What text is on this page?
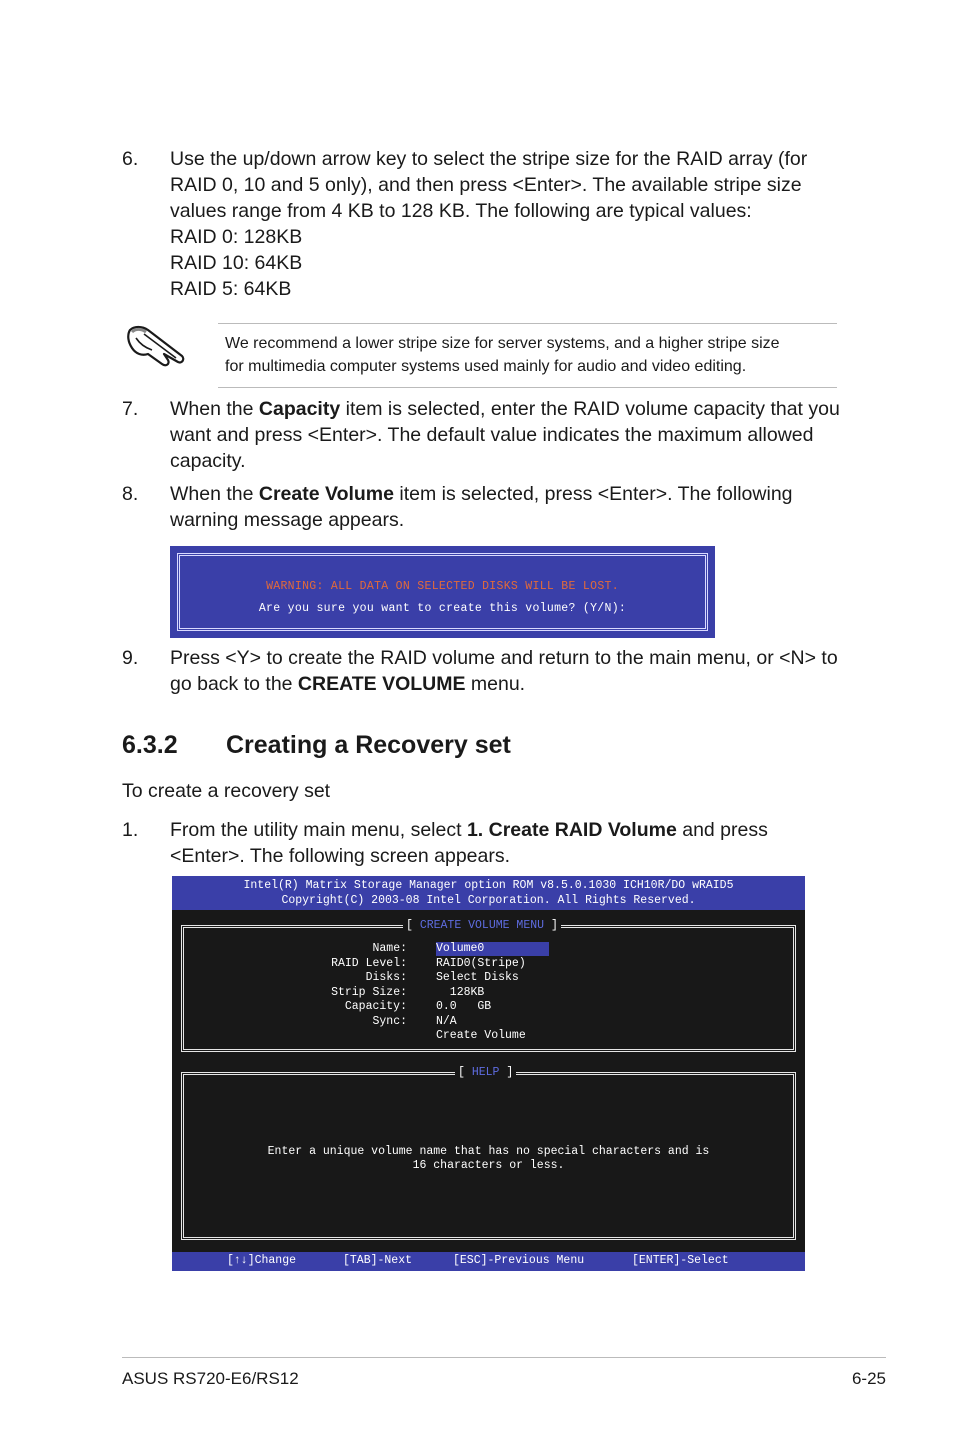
6. Use the up/down arrow key to select the stripe size for the RAID array (for
RAID 0, 10 and 5 only), and then press <Enter>. The available stripe size
values range from 4 KB to 128 KB. The following are typical values:
RAID 0: 128KB
RAID 10: 64KB
RAID 5: 64KB
We recommend a lower stripe size for server systems, and a higher stripe size
for multimedia computer systems used mainly for audio and video editing.
7. When the Capacity item is selected, enter the RAID volume capacity that you
want and press <Enter>. The default value indicates the maximum allowed
capacity.
8. When the Create Volume item is selected, press <Enter>. The following
warning message appears.
WARNING: ALL DATA ON SELECTED DISKS WILL BE LOST.
Are you sure you want to create this volume? (Y/N):
9. Press <Y> to create the RAID volume and return to the main menu, or <N> to
go back to the CREATE VOLUME menu.
6.3.2 Creating a Recovery set
To create a recovery set
1. From the utility main menu, select 1. Create RAID Volume and press
<Enter>. The following screen appears.
Intel(R) Matrix Storage Manager option ROM v8.5.0.1030 ICH10R/DO wRAID5
Copyright(C) 2003-08 Intel Corporation. All Rights Reserved.
[ CREATE VOLUME MENU ]
Name:	Volume0
RAID Level:	RAID0(Stripe)
Disks:	Select Disks
Strip Size:	128KB
Capacity:	0.0   GB
Sync:	N/A
Create Volume
[ HELP ]
Enter a unique volume name that has no special characters and is
16 characters or less.
[↑↓]Change	[TAB]-Next	[ESC]-Previous Menu	[ENTER]-Select
ASUS RS720-E6/RS12	6-25
